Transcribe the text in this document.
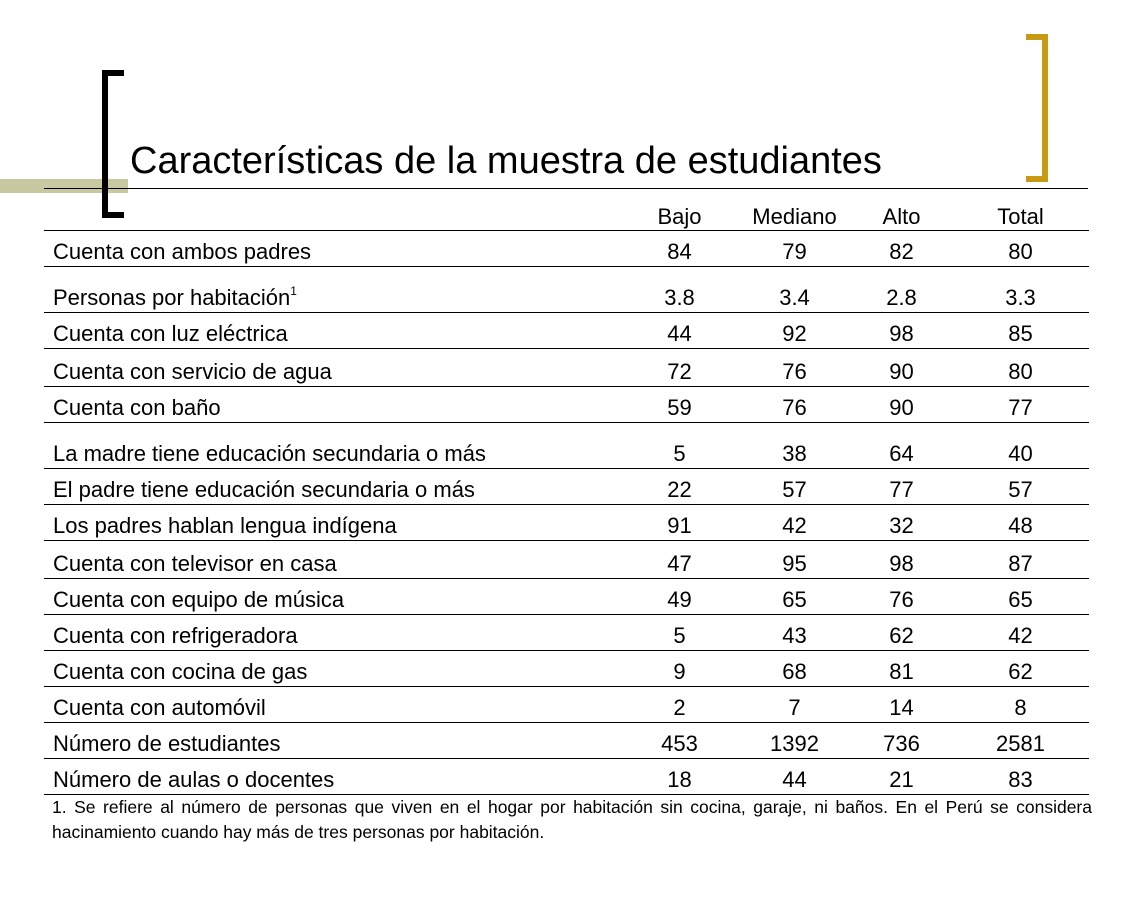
Características de la muestra de estudiantes
	Bajo	Mediano	Alto	Total
Cuenta con ambos padres	84	79	82	80
Personas por habitación$^1$	3.8	3.4	2.8	3.3
Cuenta con luz eléctrica	44	92	98	85
Cuenta con servicio de agua	72	76	90	80
Cuenta con baño	59	76	90	77
La madre tiene educación secundaria o más	5	38	64	40
El padre tiene educación secundaria o más	22	57	77	57
Los padres hablan lengua indígena	91	42	32	48
Cuenta con televisor en casa	47	95	98	87
Cuenta con equipo de música	49	65	76	65
Cuenta con refrigeradora	5	43	62	42
Cuenta con cocina de gas	9	68	81	62
Cuenta con automóvil	2	7	14	8
Número de estudiantes	453	1392	736	2581
Número de aulas o docentes	18	44	21	83

1. Se refiere al número de personas que viven en el hogar por habitación sin cocina, garaje, ni baños. En el Perú se considera hacinamiento cuando hay más de tres personas por habitación.
